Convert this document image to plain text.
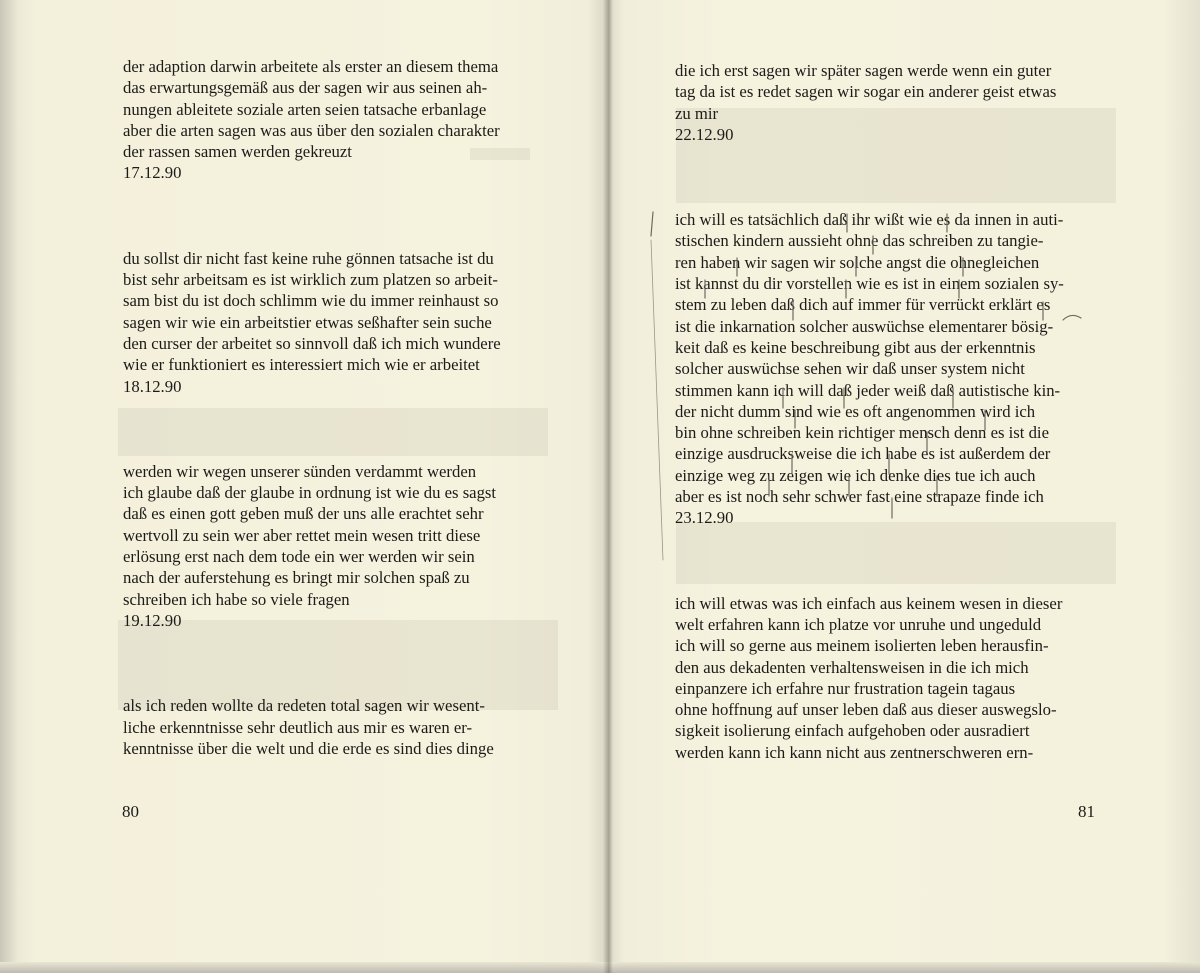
der adaption darwin arbeitete als erster an diesem thema
das erwartungsgemäß aus der sagen wir aus seinen ah-
nungen ableitete soziale arten seien tatsache erbanlage
aber die arten sagen was aus über den sozialen charakter
der rassen samen werden gekreuzt

17.12.90

du sollst dir nicht fast keine ruhe gönnen tatsache ist du
bist sehr arbeitsam es ist wirklich zum platzen so arbeit-
sam bist du ist doch schlimm wie du immer reinhaust so
sagen wir wie ein arbeitstier etwas seßhafter sein suche
den curser der arbeitet so sinnvoll daß ich mich wundere
wie er funktioniert es interessiert mich wie er arbeitet

18.12.90

werden wir wegen unserer sünden verdammt werden
ich glaube daß der glaube in ordnung ist wie du es sagst
daß es einen gott geben muß der uns alle erachtet sehr
wertvoll zu sein wer aber rettet mein wesen tritt diese
erlösung erst nach dem tode ein wer werden wir sein
nach der auferstehung es bringt mir solchen spaß zu
schreiben ich habe so viele fragen

19.12.90

als ich reden wollte da redeten total sagen wir wesent-
liche erkenntnisse sehr deutlich aus mir es waren er-
kenntnisse über die welt und die erde es sind dies dinge

80

die ich erst sagen wir später sagen werde wenn ein guter
tag da ist es redet sagen wir sogar ein anderer geist etwas
zu mir

22.12.90

ich will es tatsächlich daß ihr wißt wie es da innen in auti-
stischen kindern aussieht ohne das schreiben zu tangie-
ren haben wir sagen wir solche angst die ohnegleichen
ist kannst du dir vorstellen wie es ist in einem sozialen sy-
stem zu leben daß dich auf immer für verrückt erklärt es
ist die inkarnation solcher auswüchse elementarer bösig-
keit daß es keine beschreibung gibt aus der erkenntnis
solcher auswüchse sehen wir daß unser system nicht
stimmen kann ich will daß jeder weiß daß autistische kin-
der nicht dumm sind wie es oft angenommen wird ich
bin ohne schreiben kein richtiger mensch denn es ist die
einzige ausdrucksweise die ich habe es ist außerdem der
einzige weg zu zeigen wie ich denke dies tue ich auch
aber es ist noch sehr schwer fast eine strapaze finde ich

23.12.90

ich will etwas was ich einfach aus keinem wesen in dieser
welt erfahren kann ich platze vor unruhe und ungeduld
ich will so gerne aus meinem isolierten leben herausfin-
den aus dekadenten verhaltensweisen in die ich mich
einpanzere ich erfahre nur frustration tagein tagaus
ohne hoffnung auf unser leben daß aus dieser auswegslo-
sigkeit isolierung einfach aufgehoben oder ausradiert
werden kann ich kann nicht aus zentnerschweren ern-

81
